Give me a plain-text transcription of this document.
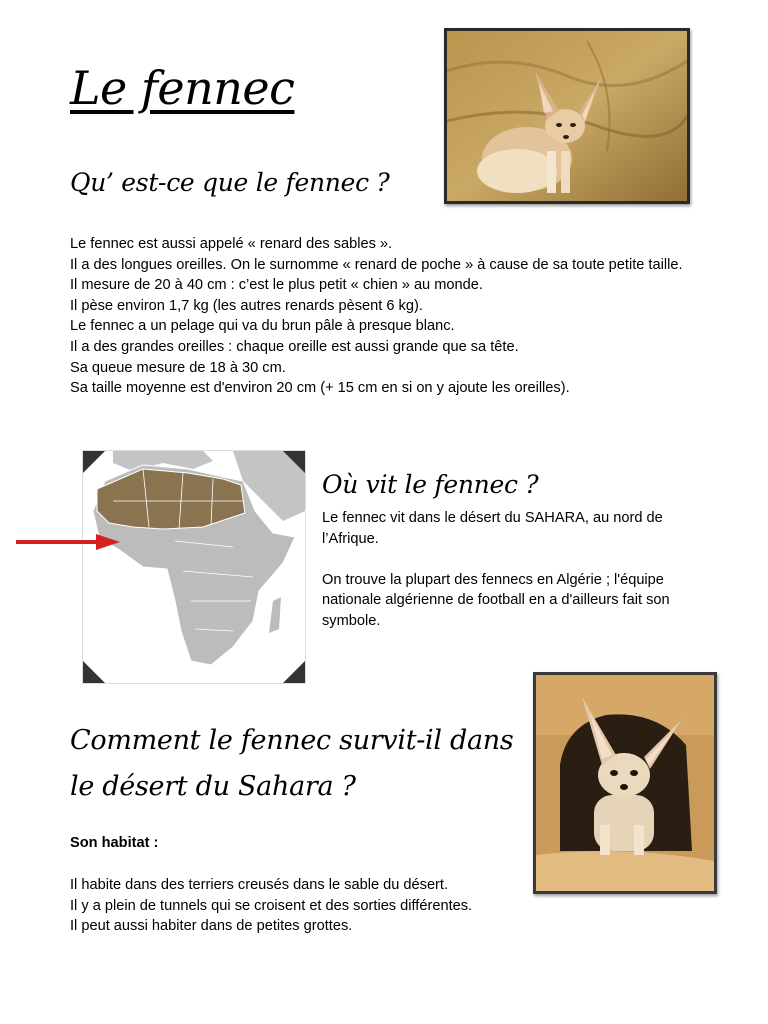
Le fennec
Qu’ est-ce que le fennec ?

Le fennec est aussi appelé « renard des sables ».

Il a des longues oreilles. On le surnomme « renard de poche » à cause de sa toute petite taille.

Il mesure de 20 à 40 cm : c’est le plus petit « chien » au monde.

Il pèse environ 1,7 kg (les autres renards pèsent 6 kg).

Le fennec a un pelage qui va du brun pâle à presque blanc.

Il a des grandes oreilles : chaque oreille est aussi grande que sa tête.

Sa queue mesure de 18 à 30 cm.

Sa taille moyenne est d'environ 20 cm (+ 15 cm en si on y ajoute les oreilles).

Où vit le fennec ?

Le fennec vit dans le désert du SAHARA, au nord de l’Afrique.

On trouve la plupart des fennecs en Algérie ; l'équipe nationale algérienne de football en a d'ailleurs fait son symbole.

Comment le fennec survit-il dans
le désert du Sahara ?
Son habitat :

Il habite dans des terriers creusés dans le sable du désert.

Il y a plein de tunnels qui se croisent et des sorties différentes.

Il peut aussi habiter dans de petites grottes.
